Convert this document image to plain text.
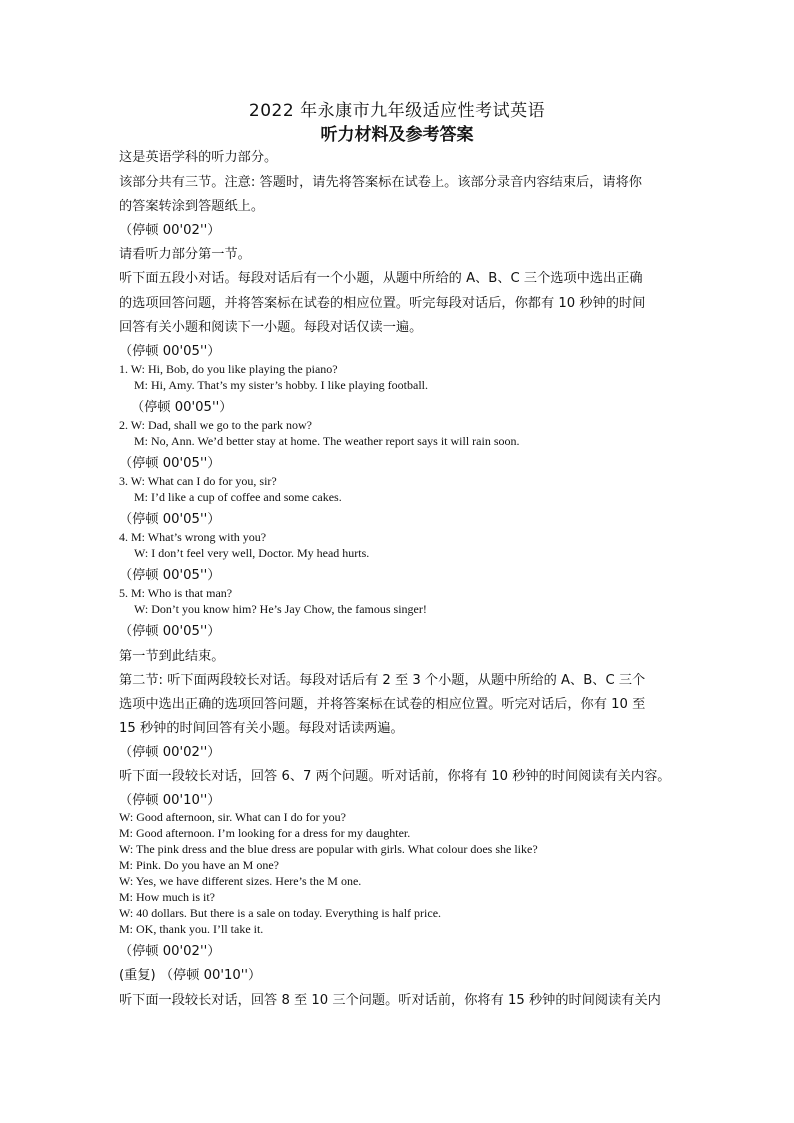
2022 年永康市九年级适应性考试英语
听力材料及参考答案
这是英语学科的听力部分。
该部分共有三节。注意: 答题时，请先将答案标在试卷上。该部分录音内容结束后，请将你
的答案转涂到答题纸上。
（停顿 00'02''）
请看听力部分第一节。
听下面五段小对话。每段对话后有一个小题，从题中所给的 A、B、C 三个选项中选出正确
的选项回答问题，并将答案标在试卷的相应位置。听完每段对话后，你都有 10 秒钟的时间
回答有关小题和阅读下一小题。每段对话仅读一遍。
（停顿 00'05''）
1. W: Hi, Bob, do you like playing the piano?
M: Hi, Amy. That’s my sister’s hobby. I like playing football.
（停顿 00'05''）
2. W: Dad, shall we go to the park now?
M: No, Ann. We’d better stay at home. The weather report says it will rain soon.
（停顿 00'05''）
3. W: What can I do for you, sir?
M: I’d like a cup of coffee and some cakes.
（停顿 00'05''）
4. M: What’s wrong with you?
W: I don’t feel very well, Doctor. My head hurts.
（停顿 00'05''）
5. M: Who is that man?
W: Don’t you know him? He’s Jay Chow, the famous singer!
（停顿 00'05''）
第一节到此结束。
第二节: 听下面两段较长对话。每段对话后有 2 至 3 个小题，从题中所给的 A、B、C 三个
选项中选出正确的选项回答问题，并将答案标在试卷的相应位置。听完对话后，你有 10 至
15 秒钟的时间回答有关小题。每段对话读两遍。
（停顿 00'02''）
听下面一段较长对话，回答 6、7 两个问题。听对话前，你将有 10 秒钟的时间阅读有关内容。
（停顿 00'10''）
W: Good afternoon, sir. What can I do for you?
M: Good afternoon. I’m looking for a dress for my daughter.
W: The pink dress and the blue dress are popular with girls. What colour does she like?
M: Pink. Do you have an M one?
W: Yes, we have different sizes. Here’s the M one.
M: How much is it?
W: 40 dollars. But there is a sale on today. Everything is half price.
M: OK, thank you. I’ll take it.
（停顿 00'02''）
(重复) （停顿 00'10''）
听下面一段较长对话，回答 8 至 10 三个问题。听对话前，你将有 15 秒钟的时间阅读有关内
